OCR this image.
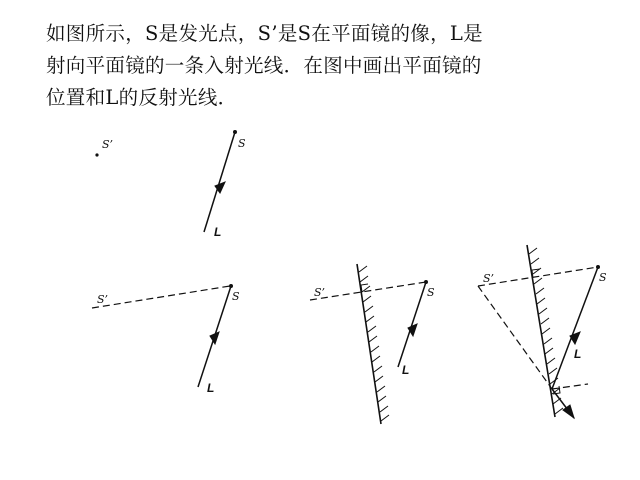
如图所示，S是发光点，S’是S在平面镜的像，L是
射向平面镜的一条入射光线．在图中画出平面镜的
位置和L的反射光线．
S’	S
L
S’	S
L
S’	S
L
S’	S
L
